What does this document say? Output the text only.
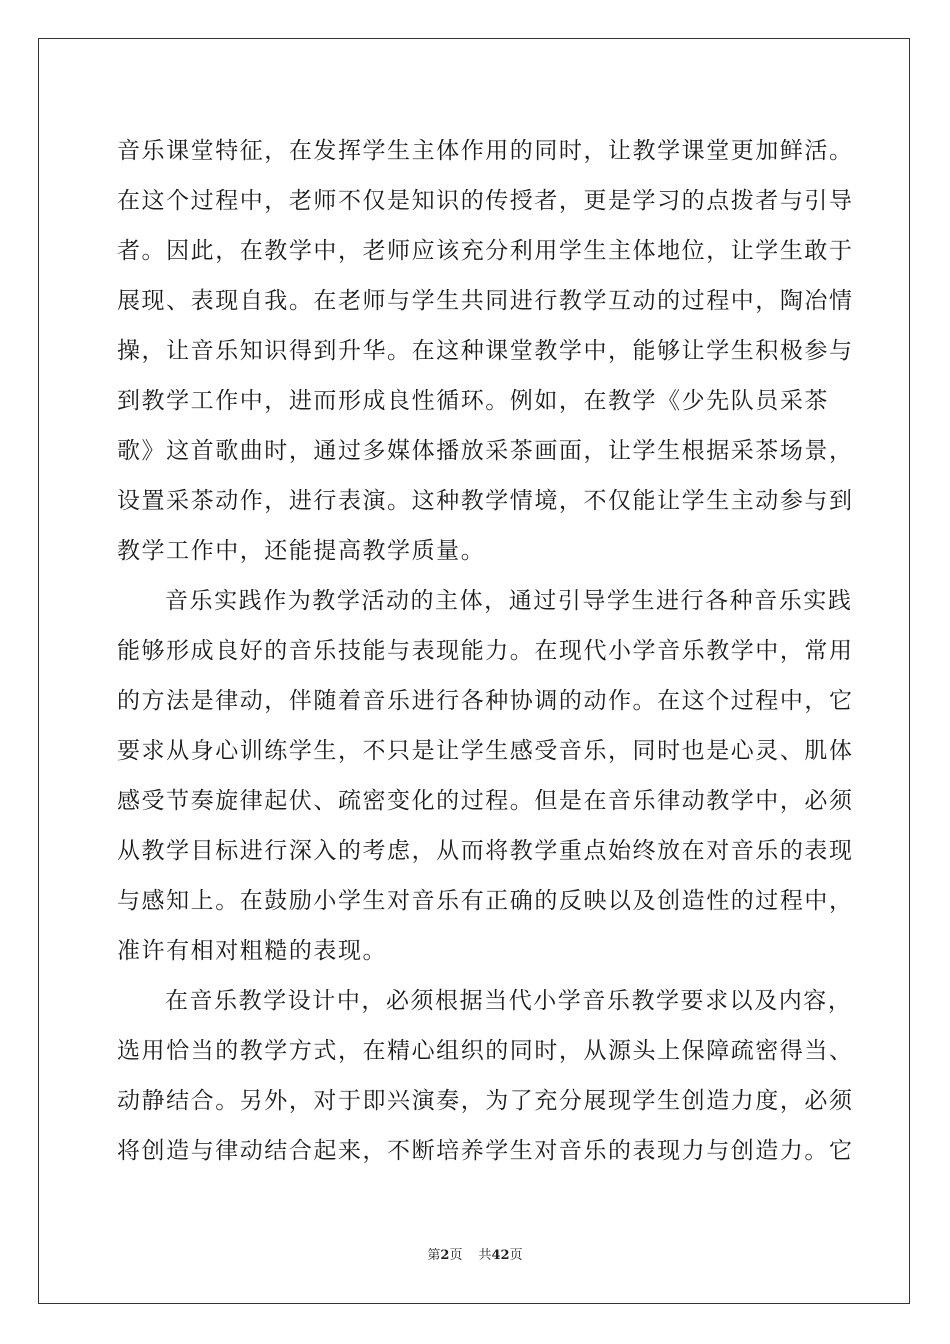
音乐课堂特征，在发挥学生主体作用的同时，让教学课堂更加鲜活。
在这个过程中，老师不仅是知识的传授者，更是学习的点拨者与引导
者。因此，在教学中，老师应该充分利用学生主体地位，让学生敢于
展现、表现自我。在老师与学生共同进行教学互动的过程中，陶冶情
操，让音乐知识得到升华。在这种课堂教学中，能够让学生积极参与
到教学工作中，进而形成良性循环。例如，在教学《少先队员采茶
歌》这首歌曲时，通过多媒体播放采茶画面，让学生根据采茶场景，
设置采茶动作，进行表演。这种教学情境，不仅能让学生主动参与到
教学工作中，还能提高教学质量。
音乐实践作为教学活动的主体，通过引导学生进行各种音乐实践
能够形成良好的音乐技能与表现能力。在现代小学音乐教学中，常用
的方法是律动，伴随着音乐进行各种协调的动作。在这个过程中，它
要求从身心训练学生，不只是让学生感受音乐，同时也是心灵、肌体
感受节奏旋律起伏、疏密变化的过程。但是在音乐律动教学中，必须
从教学目标进行深入的考虑，从而将教学重点始终放在对音乐的表现
与感知上。在鼓励小学生对音乐有正确的反映以及创造性的过程中，
准许有相对粗糙的表现。
在音乐教学设计中，必须根据当代小学音乐教学要求以及内容，
选用恰当的教学方式，在精心组织的同时，从源头上保障疏密得当、
动静结合。另外，对于即兴演奏，为了充分展现学生创造力度，必须
将创造与律动结合起来，不断培养学生对音乐的表现力与创造力。它
第2页 共42页
